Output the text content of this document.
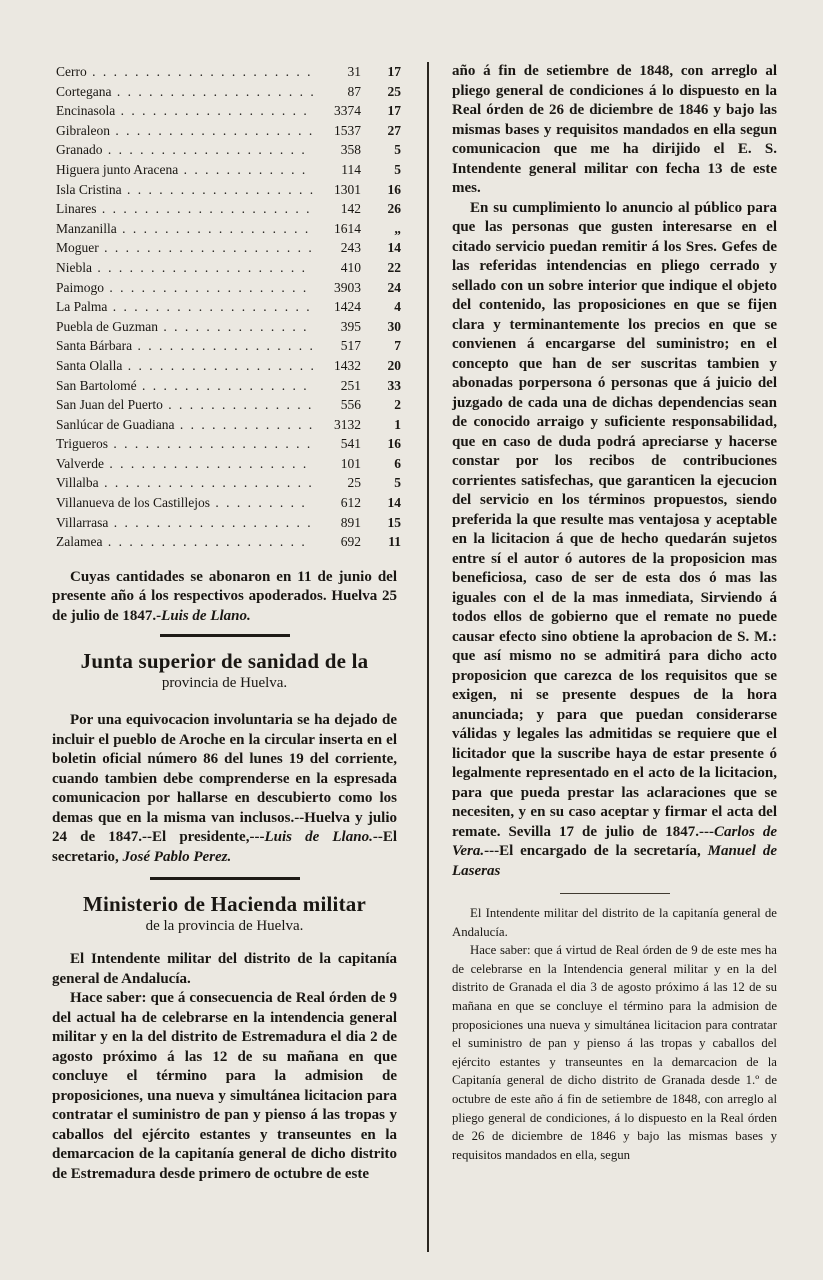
Cerro . . .	31	17
Cortegana . . .	87	25
Encinasola . . .	3374	17
Gibraleon . . .	1537	27
Granado . . .	358	5
Higuera junto Aracena . . .	114	5
Isla Cristina . . .	1301	16
Linares . . .	142	26
Manzanilla . . .	1614	„
Moguer . . .	243	14
Niebla . . .	410	22
Paimogo . . .	3903	24
La Palma . . .	1424	4
Puebla de Guzman . . .	395	30
Santa Bárbara . . .	517	7
Santa Olalla . . .	1432	20
San Bartolomé . . .	251	33
San Juan del Puerto . . .	556	2
Sanlúcar de Guadiana . . .	3132	1
Trigueros . . .	541	16
Valverde . . .	101	6
Villalba . . .	25	5
Villanueva de los Castillejos . . .	612	14
Villarrasa . . .	891	15
Zalamea . . .	692	11

Cuyas cantidades se abonaron en 11 de junio del presente año á los respectivos apoderados. Huelva 25 de julio de 1847.-Luis de Llano.

Junta superior de sanidad de la
provincia de Huelva.

Por una equivocacion involuntaria se ha dejado de incluir el pueblo de Aroche en la circular inserta en el boletin oficial número 86 del lunes 19 del corriente, cuando tambien debe comprenderse en la espresada comunicacion por hallarse en descubierto como los demas que en la misma van inclusos.--Huelva y julio 24 de 1847.--El presidente,---Luis de Llano.--El secretario, José Pablo Perez.

Ministerio de Hacienda militar
de la provincia de Huelva.

El Intendente militar del distrito de la capitanía general de Andalucía.

Hace saber: que á consecuencia de Real órden de 9 del actual ha de celebrarse en la intendencia general militar y en la del distrito de Estremadura el dia 2 de agosto próximo á las 12 de su mañana en que concluye el término para la admision de proposiciones, una nueva y simultánea licitacion para contratar el suministro de pan y pienso á las tropas y caballos del ejército estantes y transeuntes en la demarcacion de la capitanía general de dicho distrito de Estremadura desde primero de octubre de este

año á fin de setiembre de 1848, con arreglo al pliego general de condiciones á lo dispuesto en la Real órden de 26 de diciembre de 1846 y bajo las mismas bases y requisitos mandados en ella segun comunicacion que me ha dirijido el E. S. Intendente general militar con fecha 13 de este mes.

En su cumplimiento lo anuncio al público para que las personas que gusten interesarse en el citado servicio puedan remitir á los Sres. Gefes de las referidas intendencias en pliego cerrado y sellado con un sobre interior que indique el objeto del contenido, las proposiciones en que se fijen clara y terminantemente los precios en que se convienen á encargarse del suministro; en el concepto que han de ser suscritas tambien y abonadas porpersona ó personas que á juicio del juzgado de cada una de dichas dependencias sean de conocido arraigo y suficiente responsabilidad, que en caso de duda podrá apreciarse y hacerse constar por los recibos de contribuciones corrientes satisfechas, que garanticen la ejecucion del servicio en los términos propuestos, siendo preferida la que resulte mas ventajosa y aceptable en la licitacion á que de hecho quedarán sujetos entre sí el autor ó autores de la proposicion mas beneficiosa, caso de ser de esta dos ó mas las iguales con el de la mas inmediata, Sirviendo á todos ellos de gobierno que el remate no puede causar efecto sino obtiene la aprobacion de S. M.: que así mismo no se admitirá para dicho acto proposicion que carezca de los requisitos que se exigen, ni se presente despues de la hora anunciada; y para que puedan considerarse válidas y legales las admitidas se requiere que el licitador que la suscribe haya de estar presente ó legalmente representado en el acto de la licitacion, para que pueda prestar las aclaraciones que se necesiten, y en su caso aceptar y firmar el acta del remate. Sevilla 17 de julio de 1847.---Carlos de Vera.---El encargado de la secretaría, Manuel de Laseras

El Intendente militar del distrito de la capitanía general de Andalucía.

Hace saber: que á virtud de Real órden de 9 de este mes ha de celebrarse en la Intendencia general militar y en la del distrito de Granada el dia 3 de agosto próximo á las 12 de su mañana en que se concluye el término para la admision de proposiciones una nueva y simultánea licitacion para contratar el suministro de pan y pienso á las tropas y caballos del ejército estantes y transeuntes en la demarcacion de la Capitanía general de dicho distrito de Granada desde 1.º de octubre de este año á fin de setiembre de 1848, con arreglo al pliego general de condiciones, á lo dispuesto en la Real órden de 26 de diciembre de 1846 y bajo las mismas bases y requisitos mandados en ella, segun
